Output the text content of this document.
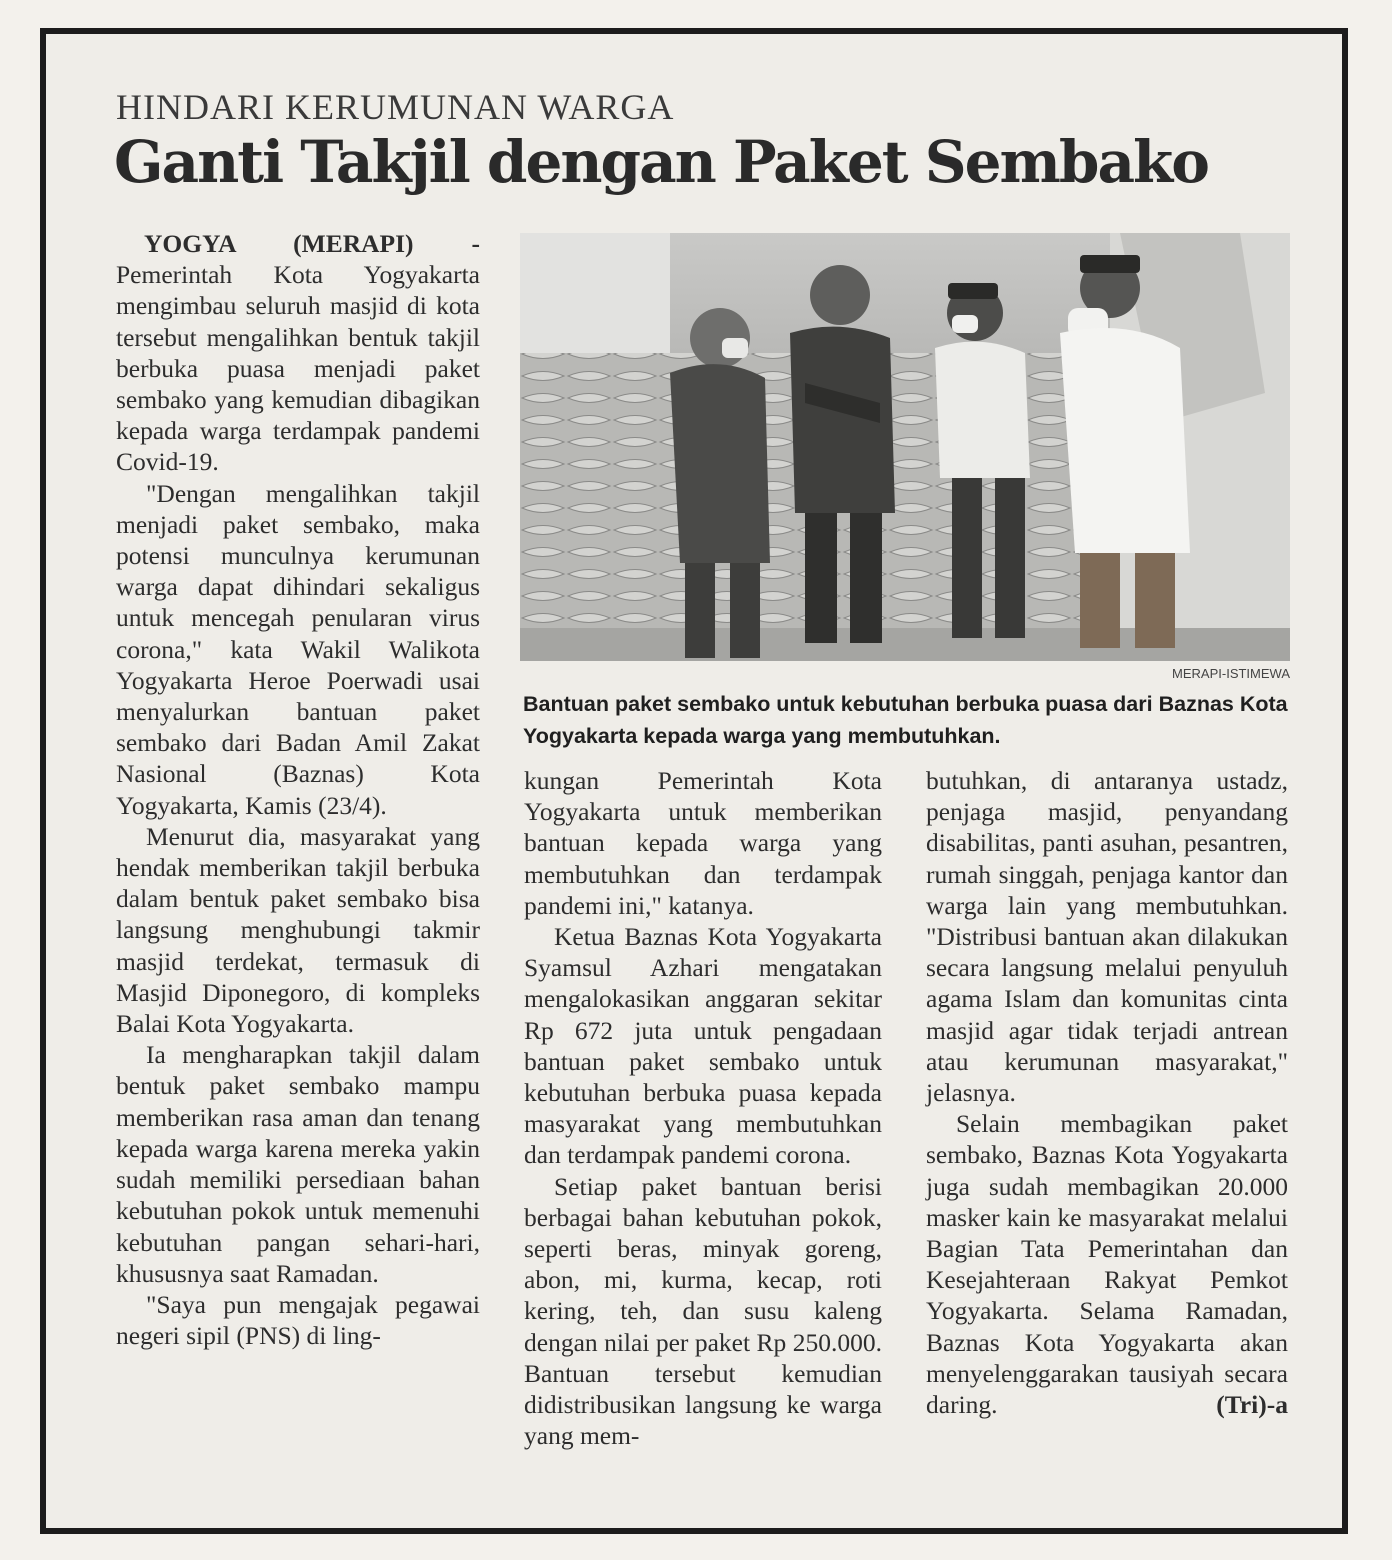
HINDARI KERUMUNAN WARGA
Ganti Takjil dengan Paket Sembako

YOGYA (MERAPI) - Pemerintah Kota Yogyakarta mengimbau seluruh masjid di kota tersebut mengalihkan bentuk takjil berbuka puasa menjadi paket sembako yang kemudian dibagikan kepada warga terdampak pandemi Covid-19.

"Dengan mengalihkan takjil menjadi paket sembako, maka potensi munculnya kerumunan warga dapat dihindari sekaligus untuk mencegah penularan virus corona," kata Wakil Walikota Yogyakarta Heroe Poerwadi usai menyalurkan bantuan paket sembako dari Badan Amil Zakat Nasional (Baznas) Kota Yogyakarta, Kamis (23/4).

Menurut dia, masyarakat yang hendak memberikan takjil berbuka dalam bentuk paket sembako bisa langsung menghubungi takmir masjid terdekat, termasuk di Masjid Diponegoro, di kompleks Balai Kota Yogyakarta.

Ia mengharapkan takjil dalam bentuk paket sembako mampu memberikan rasa aman dan tenang kepada warga karena mereka yakin sudah memiliki persediaan bahan kebutuhan pokok untuk memenuhi kebutuhan pangan sehari-hari, khususnya saat Ramadan.

"Saya pun mengajak pegawai negeri sipil (PNS) di ling-

MERAPI-ISTIMEWA
Bantuan paket sembako untuk kebutuhan berbuka puasa dari Baznas Kota Yogyakarta kepada warga yang membutuhkan.

kungan Pemerintah Kota Yogyakarta untuk memberikan bantuan kepada warga yang membutuhkan dan terdampak pandemi ini," katanya.

Ketua Baznas Kota Yogyakarta Syamsul Azhari mengatakan mengalokasikan anggaran sekitar Rp 672 juta untuk pengadaan bantuan paket sembako untuk kebutuhan berbuka puasa kepada masyarakat yang membutuhkan dan terdampak pandemi corona.

Setiap paket bantuan berisi berbagai bahan kebutuhan pokok, seperti beras, minyak goreng, abon, mi, kurma, kecap, roti kering, teh, dan susu kaleng dengan nilai per paket Rp 250.000. Bantuan tersebut kemudian didistribusikan langsung ke warga yang mem-

butuhkan, di antaranya ustadz, penjaga masjid, penyandang disabilitas, panti asuhan, pesantren, rumah singgah, penjaga kantor dan warga lain yang membutuhkan. "Distribusi bantuan akan dilakukan secara langsung melalui penyuluh agama Islam dan komunitas cinta masjid agar tidak terjadi antrean atau kerumunan masyarakat," jelasnya.

Selain membagikan paket sembako, Baznas Kota Yogyakarta juga sudah membagikan 20.000 masker kain ke masyarakat melalui Bagian Tata Pemerintahan dan Kesejahteraan Rakyat Pemkot Yogyakarta. Selama Ramadan, Baznas Kota Yogyakarta akan menyelenggarakan tausiyah secara daring.	(Tri)-a
